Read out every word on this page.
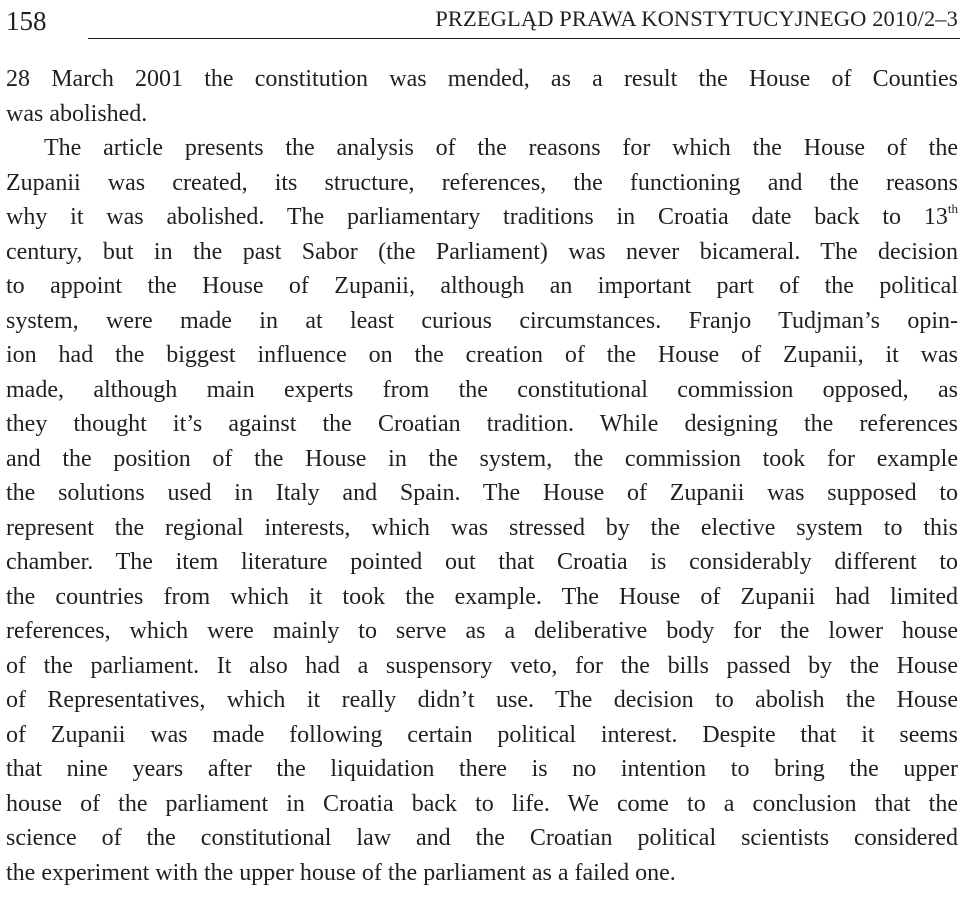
158	PRZEGLĄD PRAWA KONSTYTUCYJNEGO 2010/2–3
28 March 2001 the constitution was mended, as a result the House of Counties
was abolished.
The article presents the analysis of the reasons for which the House of the
Zupanii was created, its structure, references, the functioning and the reasons
why it was abolished. The parliamentary traditions in Croatia date back to 13th
century, but in the past Sabor (the Parliament) was never bicameral. The decision
to appoint the House of Zupanii, although an important part of the political
system, were made in at least curious circumstances. Franjo Tudjman’s opin-
ion had the biggest influence on the creation of the House of Zupanii, it was
made, although main experts from the constitutional commission opposed, as
they thought it’s against the Croatian tradition. While designing the references
and the position of the House in the system, the commission took for example
the solutions used in Italy and Spain. The House of Zupanii was supposed to
represent the regional interests, which was stressed by the elective system to this
chamber. The item literature pointed out that Croatia is considerably different to
the countries from which it took the example. The House of Zupanii had limited
references, which were mainly to serve as a deliberative body for the lower house
of the parliament. It also had a suspensory veto, for the bills passed by the House
of Representatives, which it really didn’t use. The decision to abolish the House
of Zupanii was made following certain political interest. Despite that it seems
that nine years after the liquidation there is no intention to bring the upper
house of the parliament in Croatia back to life. We come to a conclusion that the
science of the constitutional law and the Croatian political scientists considered
the experiment with the upper house of the parliament as a failed one.
